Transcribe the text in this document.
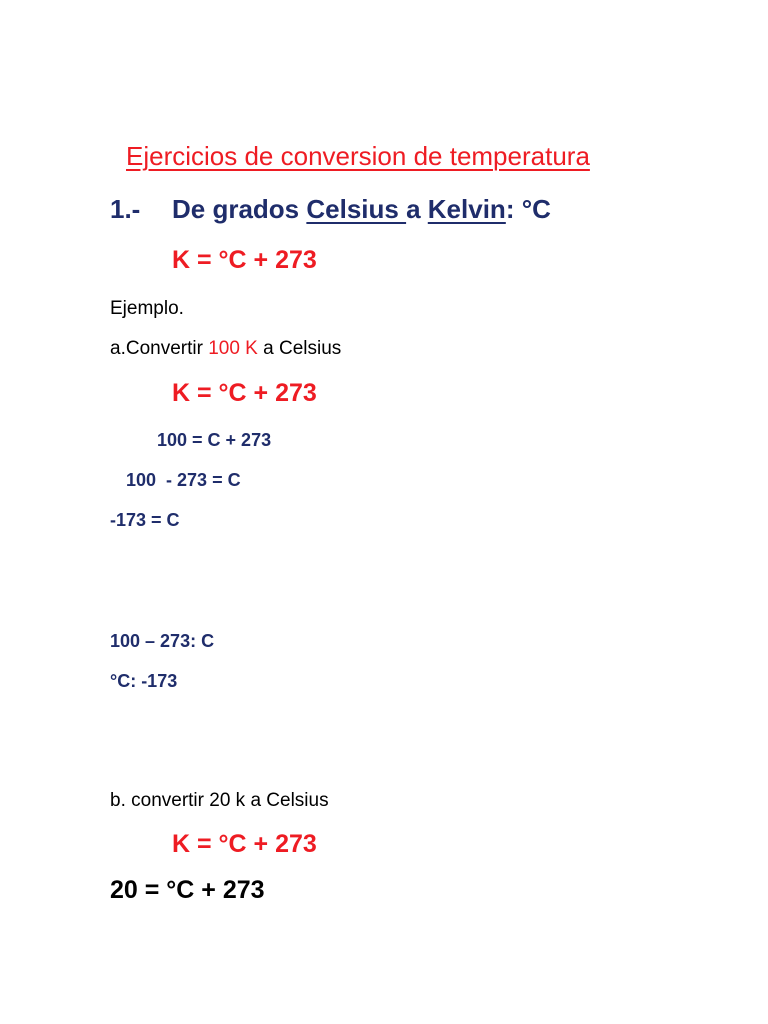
Ejercicios de conversion de temperatura
1.- De grados Celsius a Kelvin: °C
K = °C + 273
Ejemplo.
a.Convertir 100 K a Celsius
K = °C + 273
100 = C + 273
100  - 273 = C
-173 = C
100 – 273: C
°C: -173
b. convertir 20 k a Celsius
K = °C + 273
20 = °C + 273
